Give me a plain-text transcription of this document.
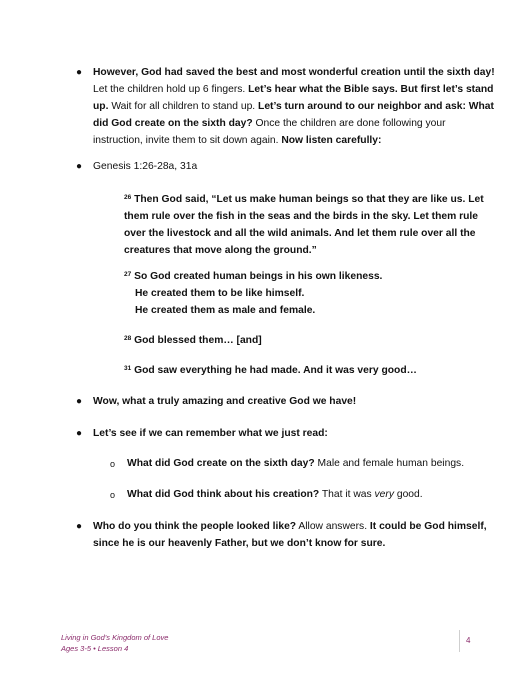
● However, God had saved the best and most wonderful creation until the sixth day!
Let the children hold up 6 fingers. Let’s hear what the Bible says. But first let’s stand
up. Wait for all children to stand up. Let’s turn around to our neighbor and ask: What
did God create on the sixth day? Once the children are done following your
instruction, invite them to sit down again. Now listen carefully:
● Genesis 1:26-28a, 31a
$^{26}$ Then God said, “Let us make human beings so that they are like us. Let
them rule over the fish in the seas and the birds in the sky. Let them rule
over the livestock and all the wild animals. And let them rule over all the
creatures that move along the ground.”
$^{27}$ So God created human beings in his own likeness.
He created them to be like himself.
He created them as male and female.
$^{28}$ God blessed them… [and]
$^{31}$ God saw everything he had made. And it was very good…
● Wow, what a truly amazing and creative God we have!
● Let’s see if we can remember what we just read:
o What did God create on the sixth day? Male and female human beings.
o What did God think about his creation? That it was very good.
● Who do you think the people looked like? Allow answers. It could be God himself,
since he is our heavenly Father, but we don’t know for sure.
Living in God’s Kingdom of Love
Ages 3-5 • Lesson 4
4
